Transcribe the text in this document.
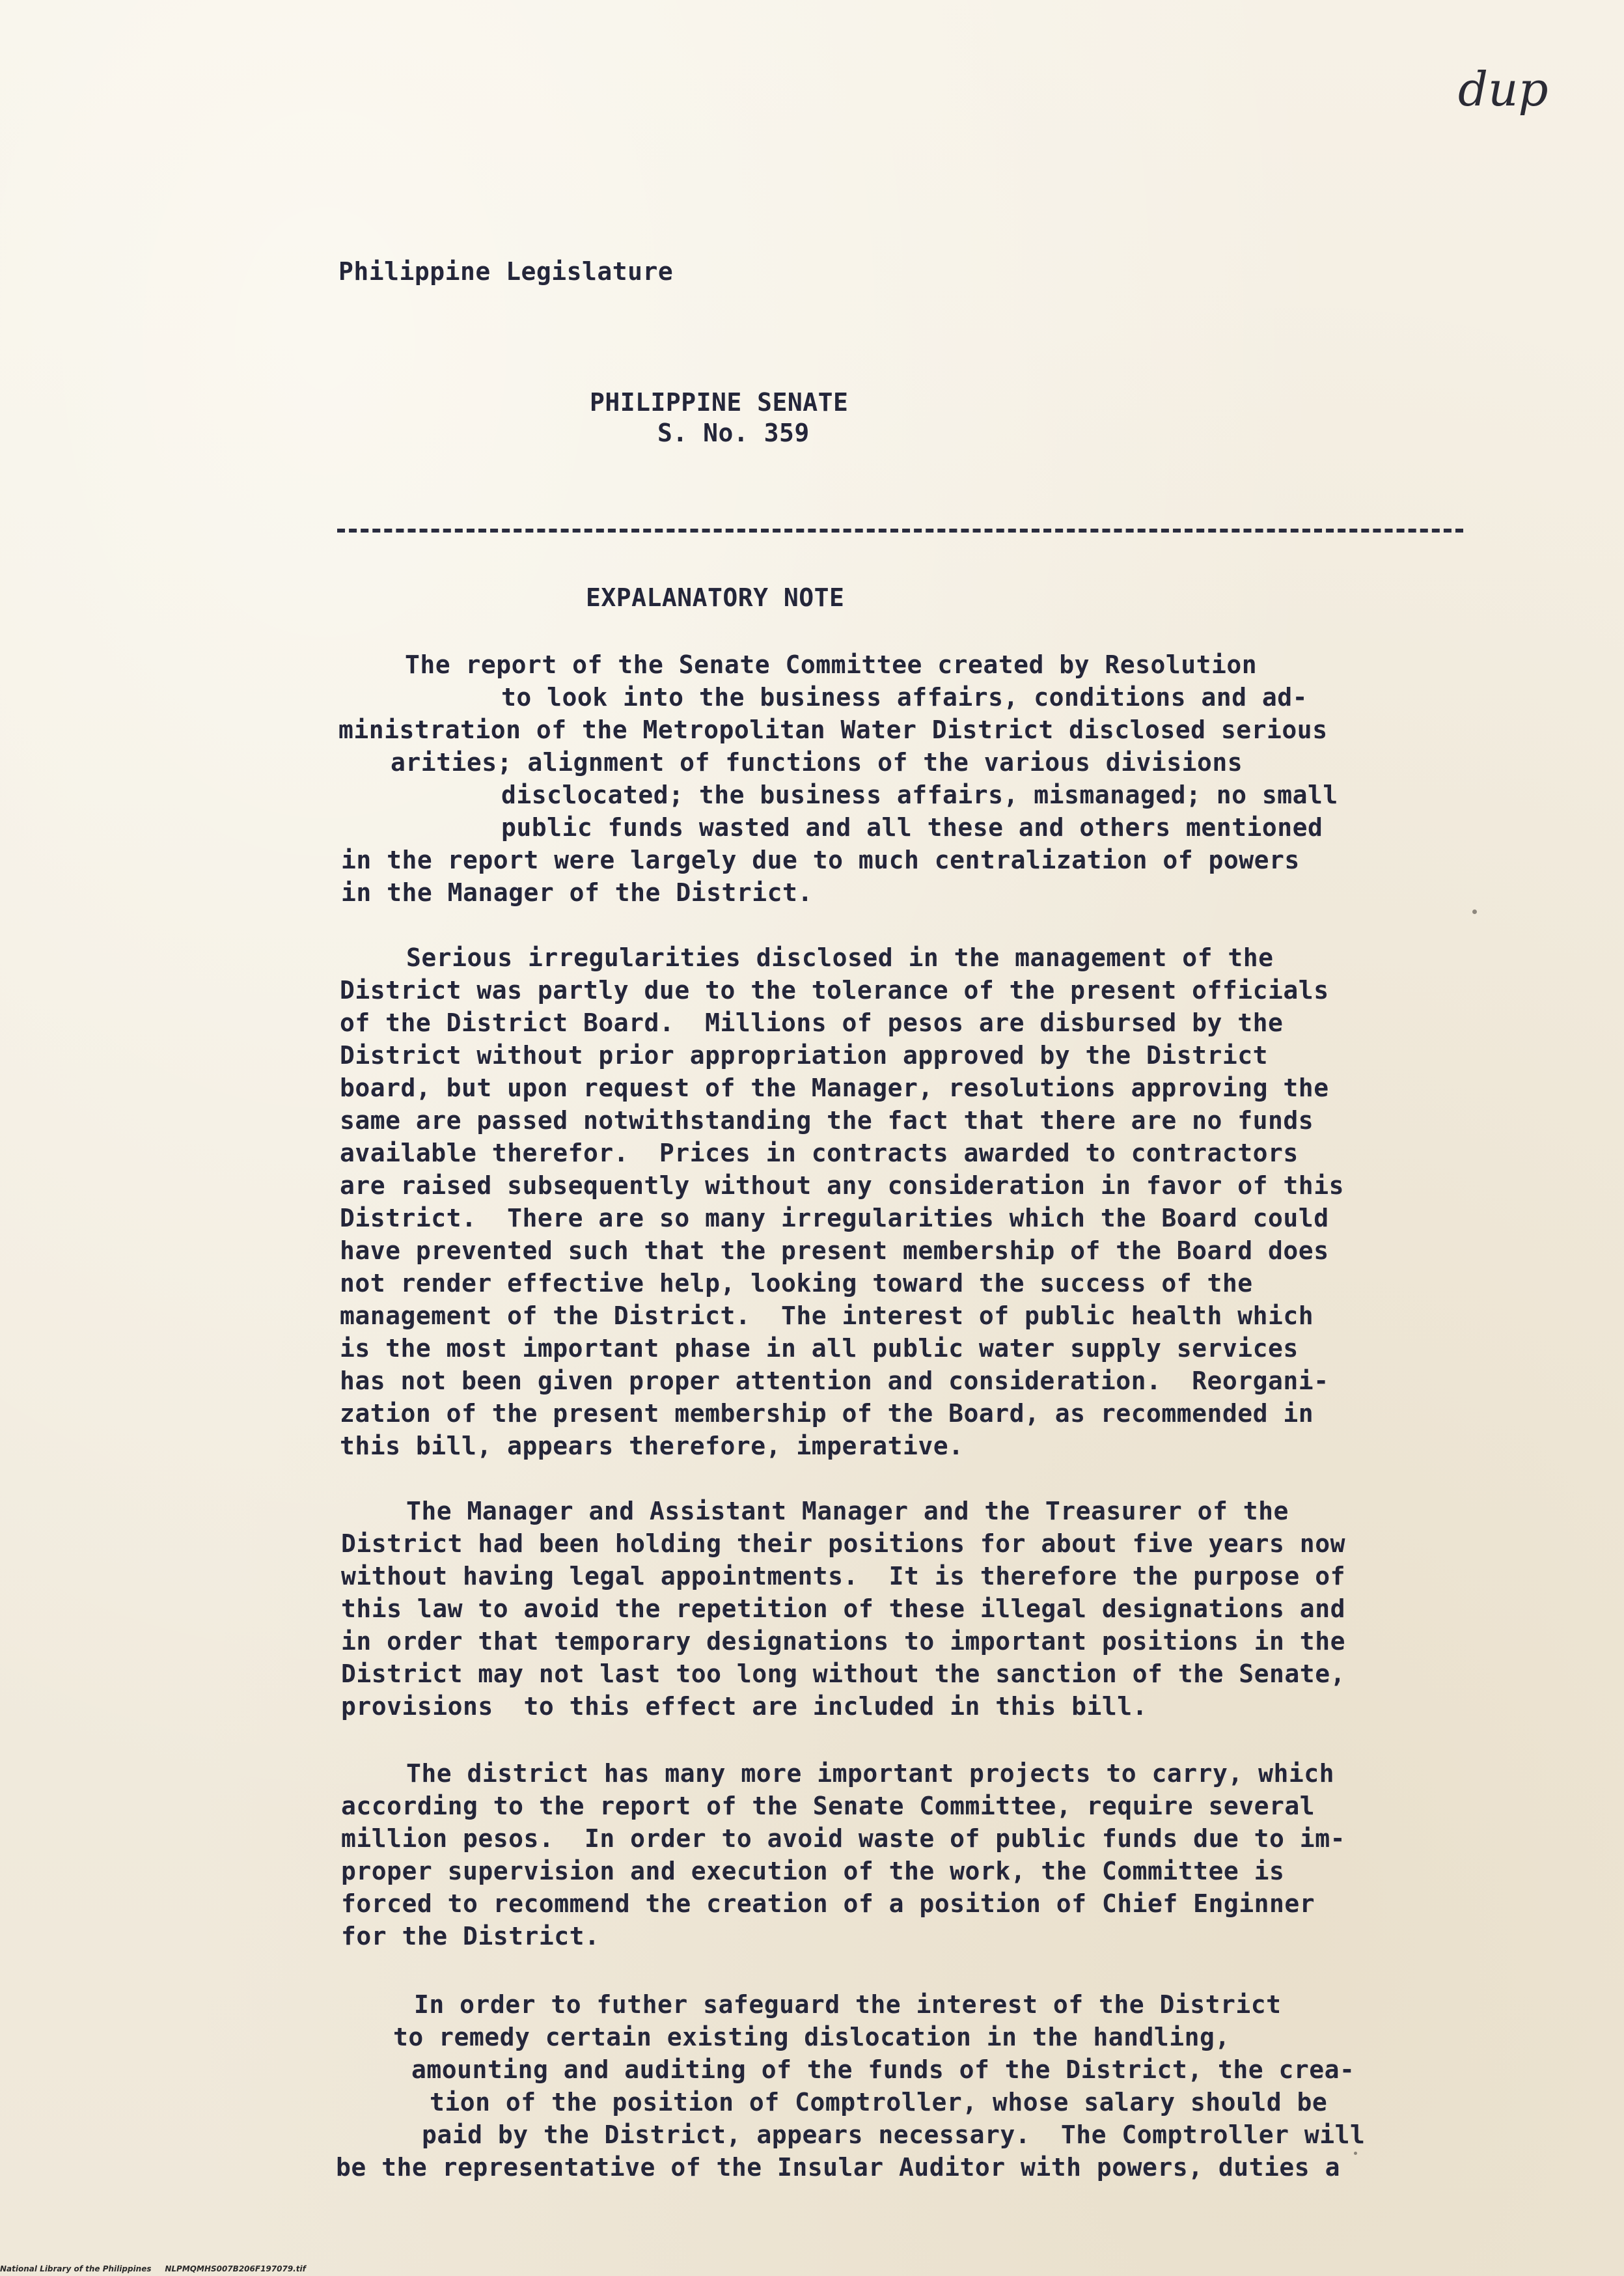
dup
Philippine Legislature
PHILIPPINE SENATE
S. No. 359
EXPALANATORY NOTE
The report of the Senate Committee created by Resolution
to look into the business affairs, conditions and ad-
ministration of the Metropolitan Water District disclosed serious
arities; alignment of functions of the various divisions
disclocated; the business affairs, mismanaged; no small
public funds wasted and all these and others mentioned
in the report were largely due to much centralization of powers
in the Manager of the District.
Serious irregularities disclosed in the management of the
District was partly due to the tolerance of the present officials
of the District Board.  Millions of pesos are disbursed by the
District without prior appropriation approved by the District
board, but upon request of the Manager, resolutions approving the
same are passed notwithstanding the fact that there are no funds
available therefor.  Prices in contracts awarded to contractors
are raised subsequently without any consideration in favor of this
District.  There are so many irregularities which the Board could
have prevented such that the present membership of the Board does
not render effective help, looking toward the success of the
management of the District.  The interest of public health which
is the most important phase in all public water supply services
has not been given proper attention and consideration.  Reorgani-
zation of the present membership of the Board, as recommended in
this bill, appears therefore, imperative.
The Manager and Assistant Manager and the Treasurer of the
District had been holding their positions for about five years now
without having legal appointments.  It is therefore the purpose of
this law to avoid the repetition of these illegal designations and
in order that temporary designations to important positions in the
District may not last too long without the sanction of the Senate,
provisions  to this effect are included in this bill.
The district has many more important projects to carry, which
according to the report of the Senate Committee, require several
million pesos.  In order to avoid waste of public funds due to im-
proper supervision and execution of the work, the Committee is
forced to recommend the creation of a position of Chief Enginner
for the District.
In order to futher safeguard the interest of the District
to remedy certain existing dislocation in the handling,
amounting and auditing of the funds of the District, the crea-
tion of the position of Comptroller, whose salary should be
paid by the District, appears necessary.  The Comptroller will
be the representative of the Insular Auditor with powers, duties a
National Library of the Philippines     NLPMQMHS007B206F197079.tif
